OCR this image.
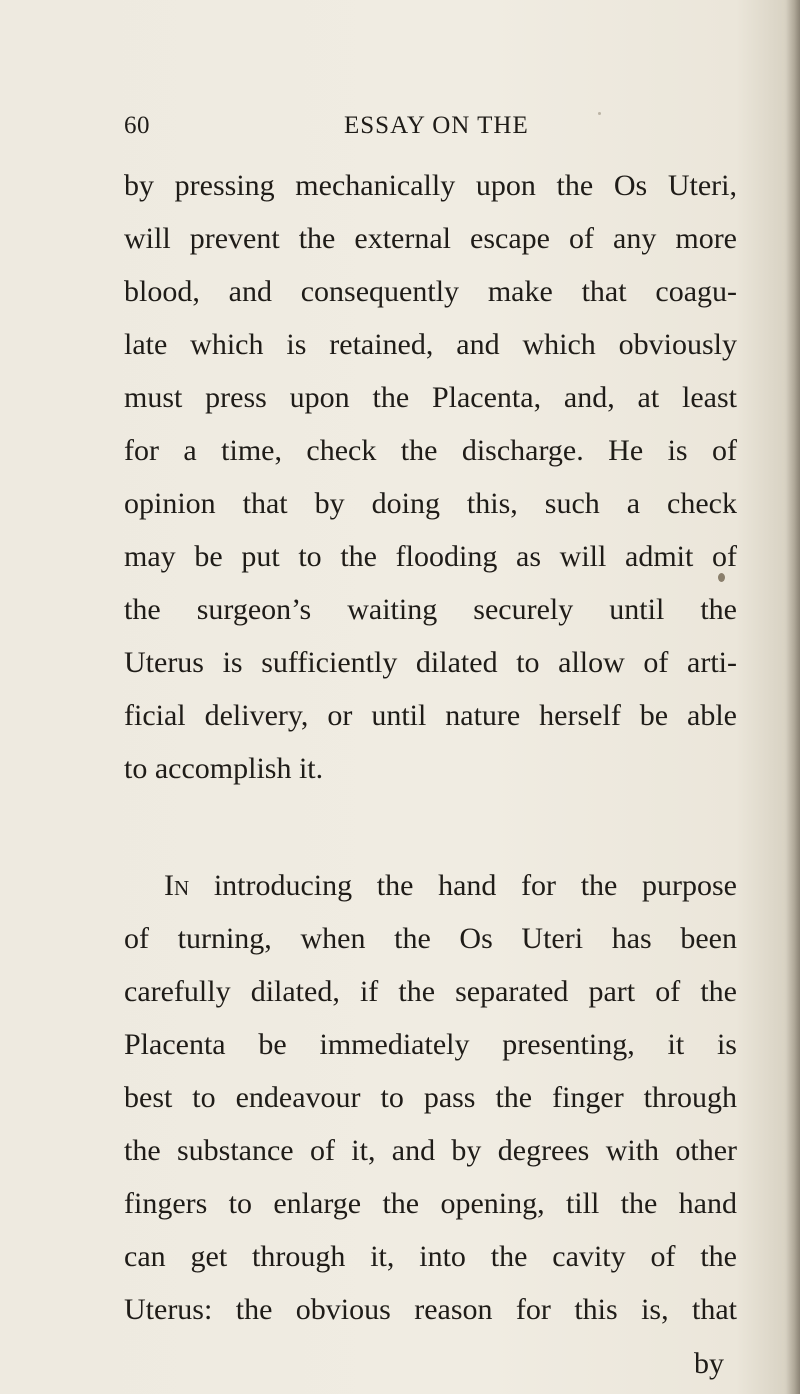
60	ESSAY ON THE
by pressing mechanically upon the Os Uteri,
will prevent the external escape of any more
blood, and consequently make that coagu-
late which is retained, and which obviously
must press upon the Placenta, and, at least
for a time, check the discharge. He is of
opinion that by doing this, such a check
may be put to the flooding as will admit of
the surgeon’s waiting securely until the
Uterus is sufficiently dilated to allow of arti-
ficial delivery, or until nature herself be able
to accomplish it.
In introducing the hand for the purpose
of turning, when the Os Uteri has been
carefully dilated, if the separated part of the
Placenta be immediately presenting, it is
best to endeavour to pass the finger through
the substance of it, and by degrees with other
fingers to enlarge the opening, till the hand
can get through it, into the cavity of the
Uterus: the obvious reason for this is, that
by
